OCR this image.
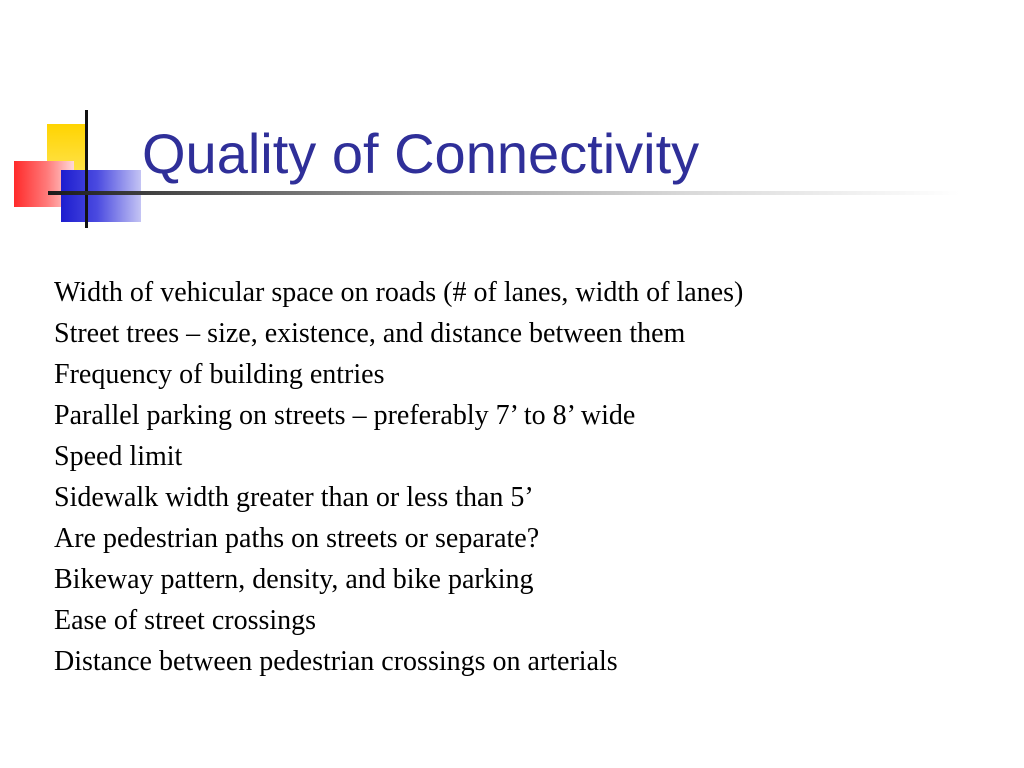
Quality of Connectivity
Width of vehicular space on roads (# of lanes, width of lanes)
Street trees – size, existence, and distance between them
Frequency of building entries
Parallel parking on streets – preferably 7’ to 8’ wide
Speed limit
Sidewalk width greater than or less than 5’
Are pedestrian paths on streets or separate?
Bikeway pattern, density, and bike parking
Ease of street crossings
Distance between pedestrian crossings on arterials
